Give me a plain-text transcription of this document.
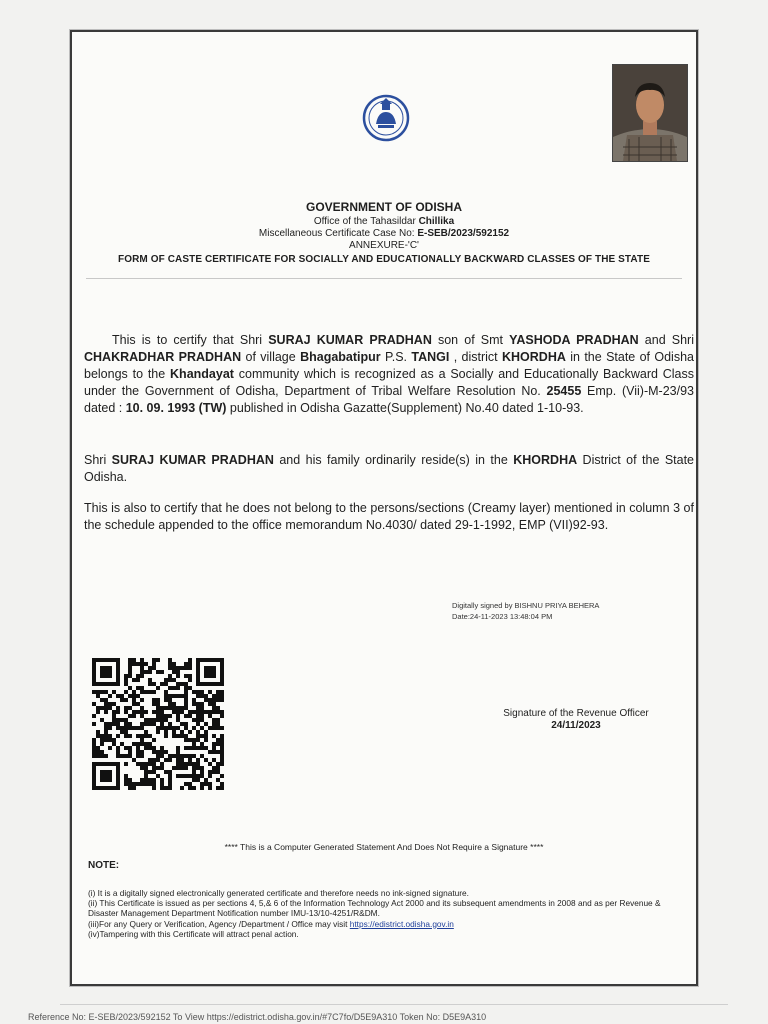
GOVERNMENT OF ODISHA
Office of the Tahasildar Chillika
Miscellaneous Certificate Case No: E-SEB/2023/592152
ANNEXURE-'C'
FORM OF CASTE CERTIFICATE FOR SOCIALLY AND EDUCATIONALLY BACKWARD CLASSES OF THE STATE
This is to certify that Shri SURAJ KUMAR PRADHAN son of Smt YASHODA PRADHAN and Shri CHAKRADHAR PRADHAN of village Bhagabatipur P.S. TANGI , district KHORDHA in the State of Odisha belongs to the Khandayat community which is recognized as a Socially and Educationally Backward Class under the Government of Odisha, Department of Tribal Welfare Resolution No. 25455 Emp. (Vii)-M-23/93 dated : 10. 09. 1993 (TW) published in Odisha Gazatte(Supplement) No.40 dated 1-10-93.
Shri SURAJ KUMAR PRADHAN and his family ordinarily reside(s) in the KHORDHA District of the State Odisha.
This is also to certify that he does not belong to the persons/sections (Creamy layer) mentioned in column 3 of the schedule appended to the office memorandum No.4030/ dated 29-1-1992, EMP (VII)92-93.
Digitally signed by BISHNU PRIYA BEHERA
Date:24-11-2023 13:48:04 PM
Signature of the Revenue Officer
24/11/2023
**** This is a Computer Generated Statement And Does Not Require a Signature ****
NOTE:
(i) It is a digitally signed electronically generated certificate and therefore needs no ink-signed signature.
(ii) This Certificate is issued as per sections 4, 5,& 6 of the Information Technology Act 2000 and its subsequent amendments in 2008 and as per Revenue & Disaster Management Department Notification number IMU-13/10-4251/R&DM.
(iii)For any Query or Verification, Agency /Department / Office may visit https://edistrict.odisha.gov.in
(iv)Tampering with this Certificate will attract penal action.
Reference No: E-SEB/2023/592152 To View https://edistrict.odisha.gov.in/#7C7fo/D5E9A310 Token No: D5E9A310
